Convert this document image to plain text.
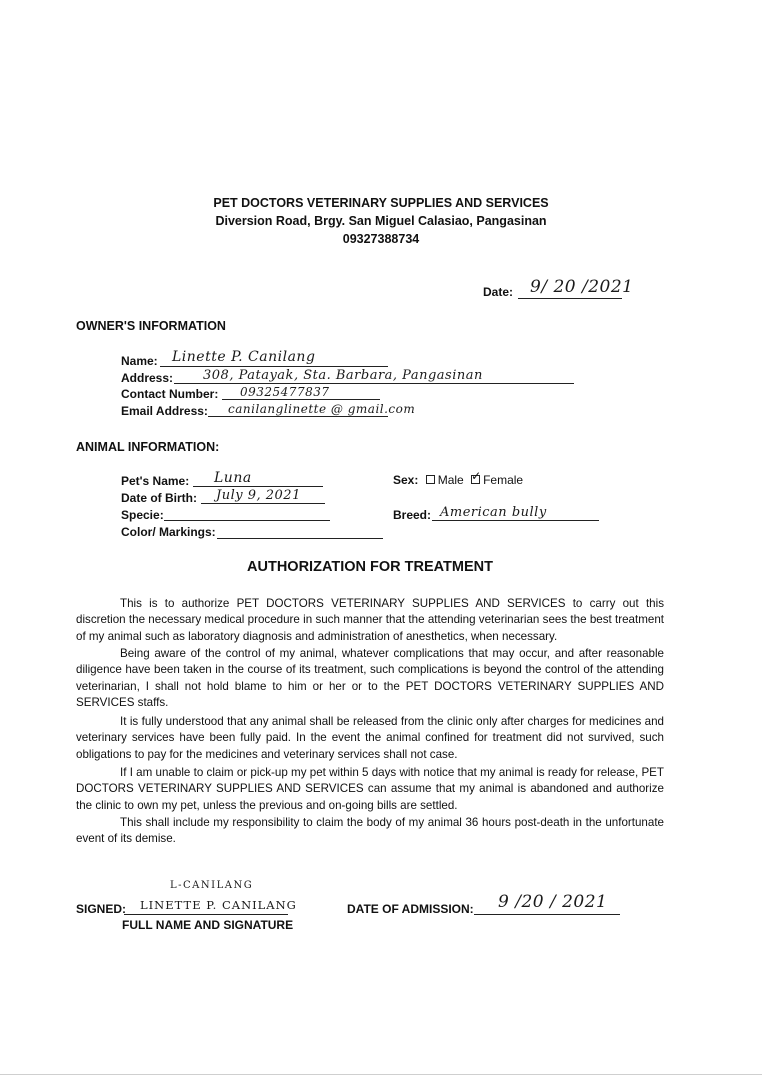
PET DOCTORS VETERINARY SUPPLIES AND SERVICES
Diversion Road, Brgy. San Miguel Calasiao, Pangasinan
09327388734
Date: 9/ 20 /2021
OWNER'S INFORMATION
Name: Linette P. Canilang
Address: 308, Patayak, Sta. Barbara, Pangasinan
Contact Number: 09325477837
Email Address: canilanglinette @ gmail.com
ANIMAL INFORMATION:
Pet's Name: Luna
Date of Birth: July 9, 2021
Specie:
Color/ Markings:
Sex: Male ✓ Female
Breed: American bully
AUTHORIZATION FOR TREATMENT
This is to authorize PET DOCTORS VETERINARY SUPPLIES AND SERVICES to carry out this discretion the necessary medical procedure in such manner that the attending veterinarian sees the best treatment of my animal such as laboratory diagnosis and administration of anesthetics, when necessary.
Being aware of the control of my animal, whatever complications that may occur, and after reasonable diligence have been taken in the course of its treatment, such complications is beyond the control of the attending veterinarian, I shall not hold blame to him or her or to the PET DOCTORS VETERINARY SUPPLIES AND SERVICES staffs.
It is fully understood that any animal shall be released from the clinic only after charges for medicines and veterinary services have been fully paid. In the event the animal confined for treatment did not survived, such obligations to pay for the medicines and veterinary services shall not case.
If I am unable to claim or pick-up my pet within 5 days with notice that my animal is ready for release, PET DOCTORS VETERINARY SUPPLIES AND SERVICES can assume that my animal is abandoned and authorize the clinic to own my pet, unless the previous and on-going bills are settled.
This shall include my responsibility to claim the body of my animal 36 hours post-death in the unfortunate event of its demise.
L-CANILANG
SIGNED: LINETTE P. CANILANG
FULL NAME AND SIGNATURE
DATE OF ADMISSION: 9 /20 / 2021
